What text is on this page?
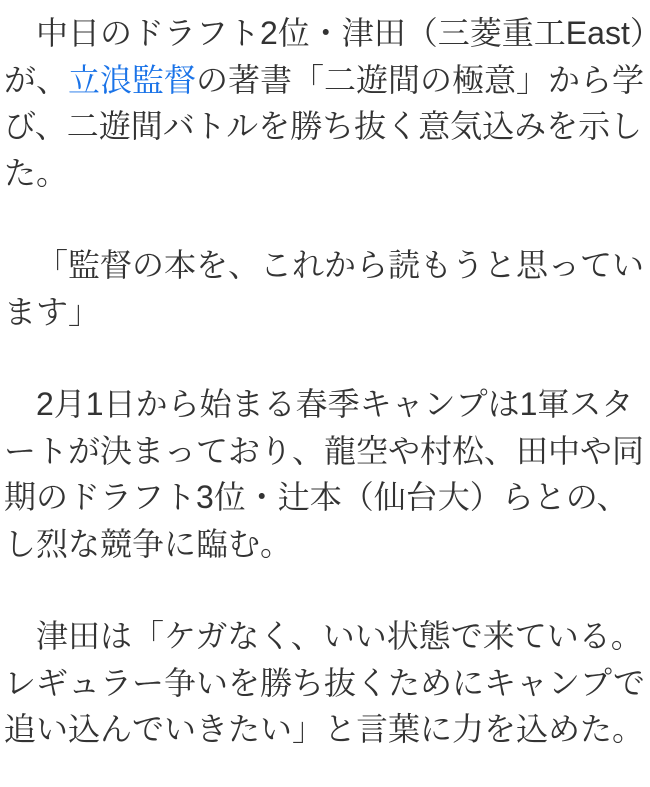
中日のドラフト2位・津田（三菱重工East）が、立浪監督の著書「二遊間の極意」から学び、二遊間バトルを勝ち抜く意気込みを示した。

「監督の本を、これから読もうと思っています」

2月1日から始まる春季キャンプは1軍スタートが決まっており、龍空や村松、田中や同期のドラフト3位・辻本（仙台大）らとの、し烈な競争に臨む。

津田は「ケガなく、いい状態で来ている。レギュラー争いを勝ち抜くためにキャンプで追い込んでいきたい」と言葉に力を込めた。
